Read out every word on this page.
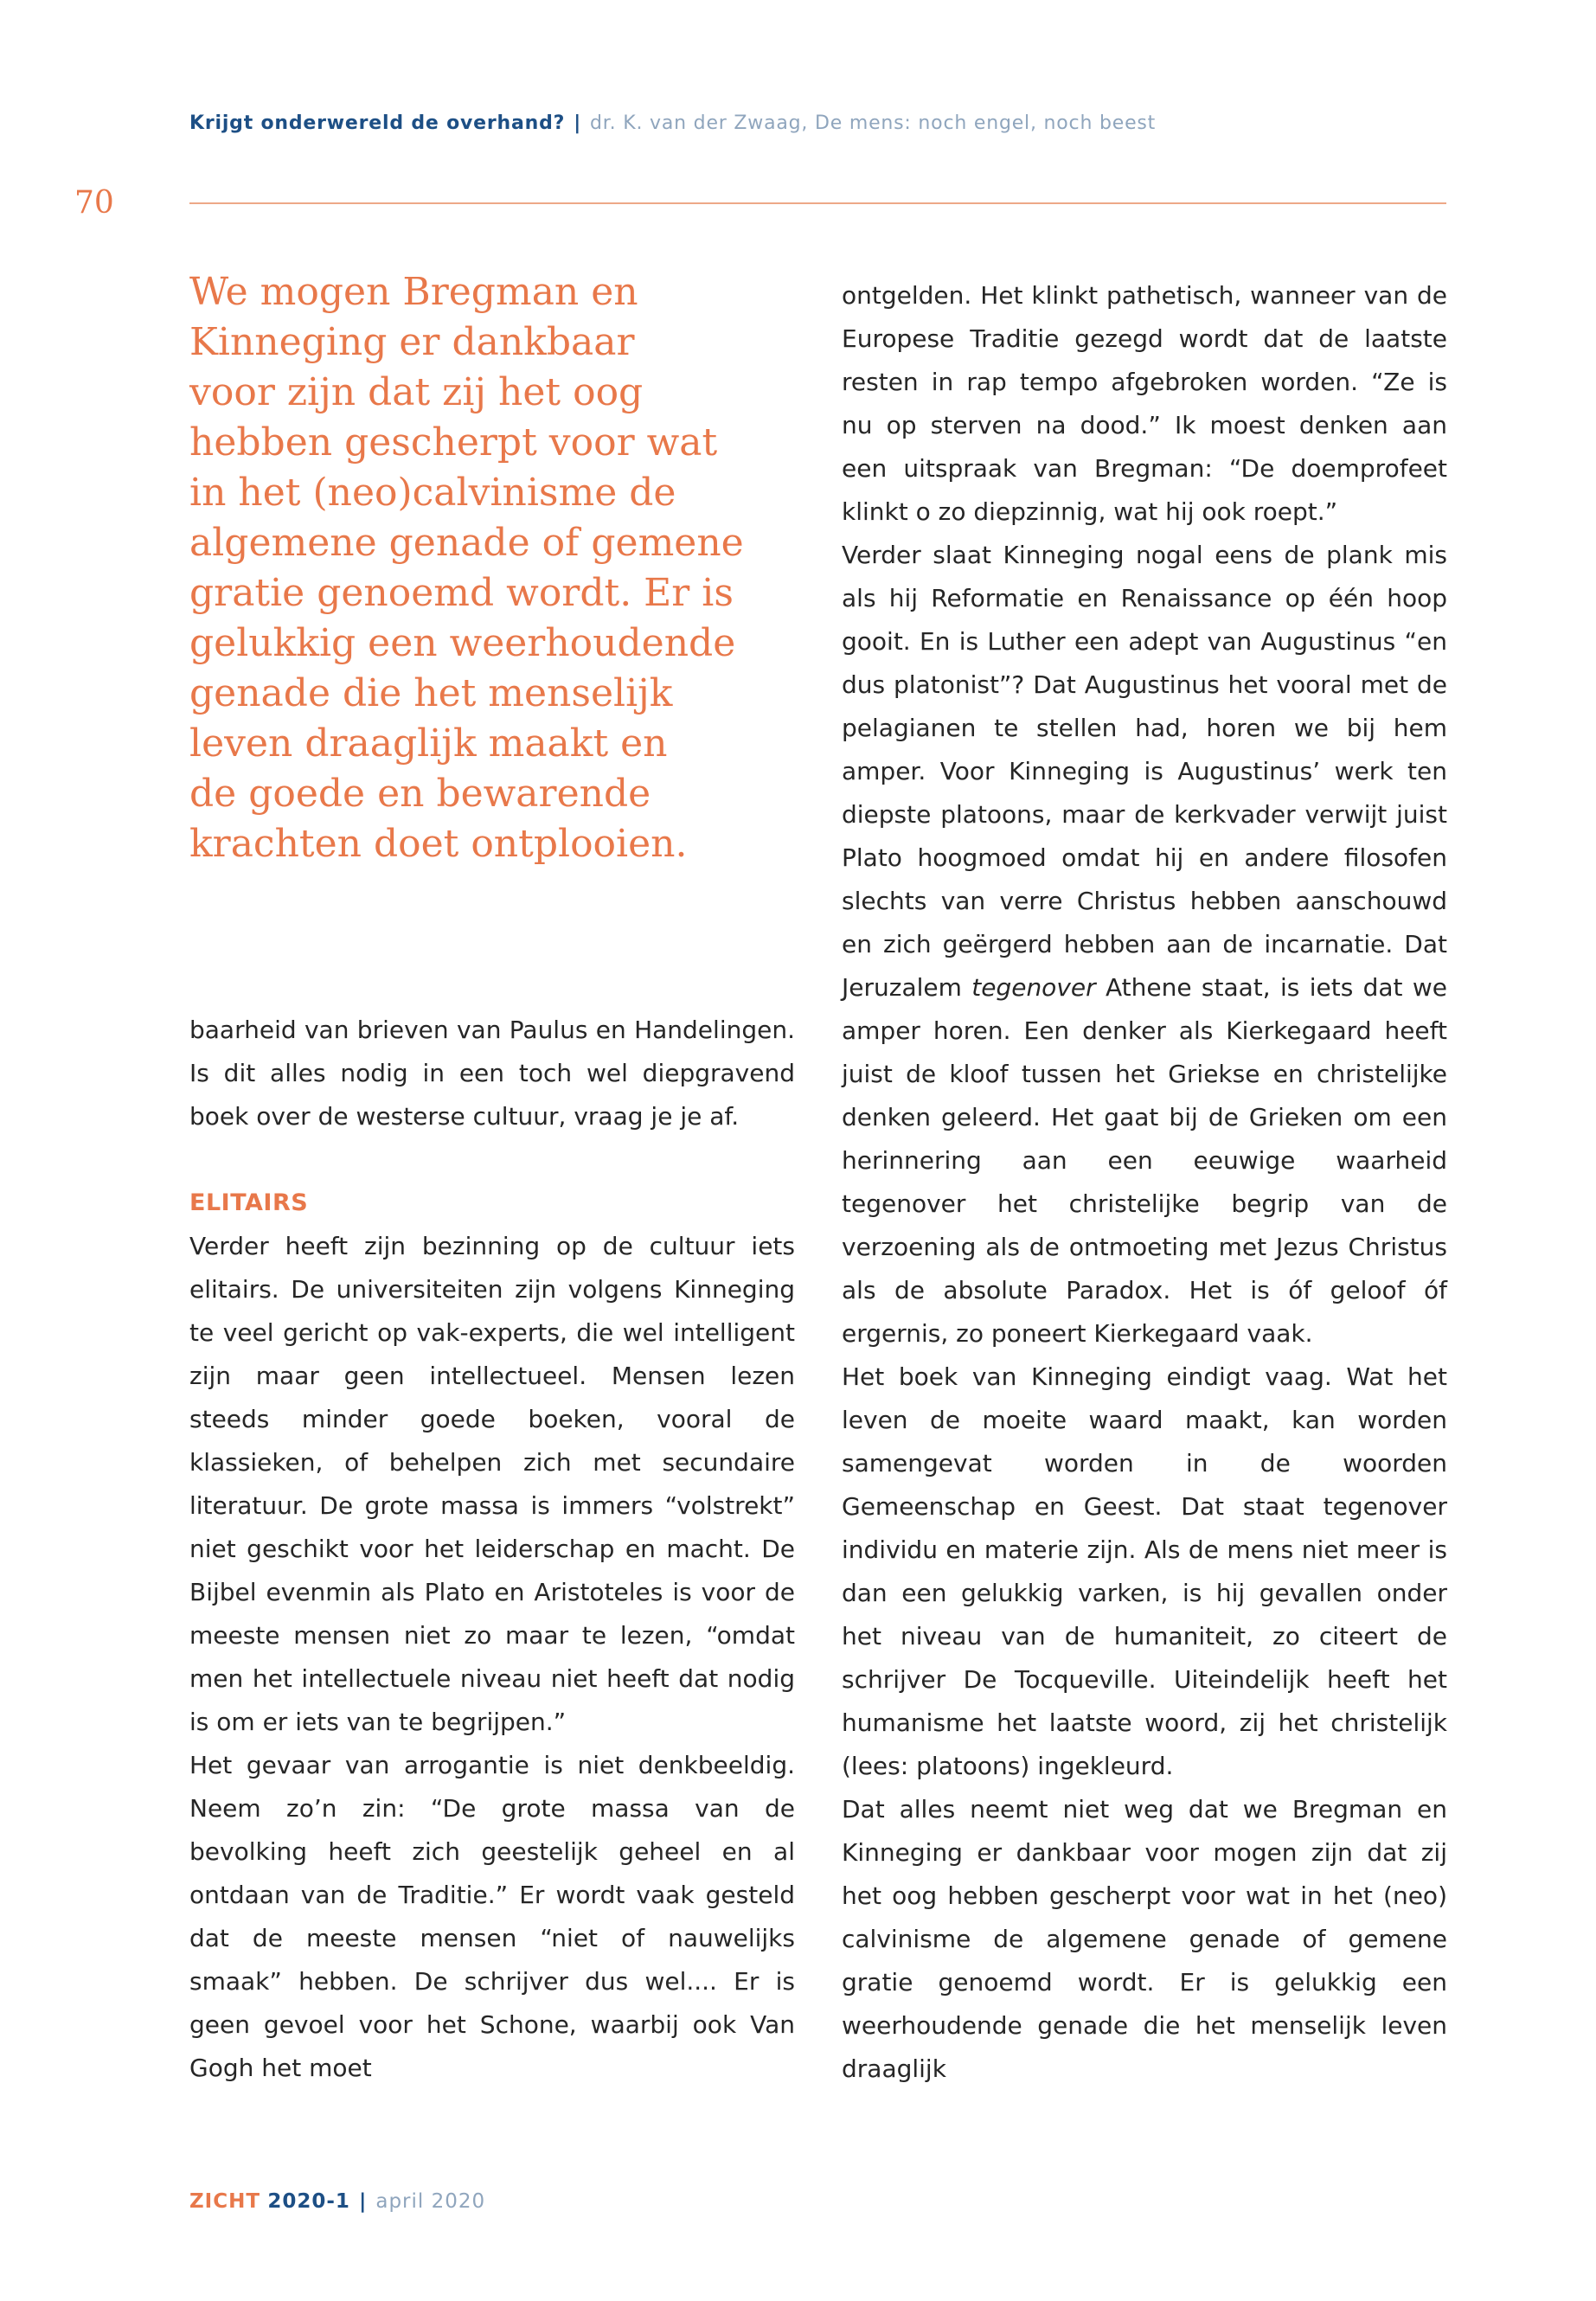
Krijgt onderwereld de overhand? | dr. K. van der Zwaag, De mens: noch engel, noch beest
70
We mogen Bregman en
Kinneging er dankbaar
voor zijn dat zij het oog
hebben gescherpt voor wat
in het (neo)calvinisme de
algemene genade of gemene
gratie genoemd wordt. Er is
gelukkig een weerhoudende
genade die het menselijk
leven draaglijk maakt en
de goede en bewarende
krachten doet ontplooien.

baarheid van brieven van Paulus en Handelingen. Is dit alles nodig in een toch wel diepgravend boek over de westerse cultuur, vraag je je af.

ELITAIRS

Verder heeft zijn bezinning op de cultuur iets elitairs. De universiteiten zijn volgens Kinneging te veel gericht op vak-experts, die wel intelligent zijn maar geen intellectueel. Mensen lezen steeds minder goede boeken, vooral de klassieken, of behelpen zich met secundaire literatuur. De grote massa is immers “volstrekt” niet geschikt voor het leiderschap en macht. De Bijbel evenmin als Plato en Aristoteles is voor de meeste mensen niet zo maar te lezen, “omdat men het intellectuele niveau niet heeft dat nodig is om er iets van te begrijpen.”

Het gevaar van arrogantie is niet denkbeeldig. Neem zo’n zin: “De grote massa van de bevolking heeft zich geestelijk geheel en al ontdaan van de Traditie.” Er wordt vaak gesteld dat de meeste mensen “niet of nauwelijks smaak” hebben. De schrijver dus wel.... Er is geen gevoel voor het Schone, waarbij ook Van Gogh het moet

ontgelden. Het klinkt pathetisch, wanneer van de Europese Traditie gezegd wordt dat de laatste resten in rap tempo afgebroken worden. “Ze is nu op sterven na dood.” Ik moest denken aan een uitspraak van Bregman: “De doemprofeet klinkt o zo diepzinnig, wat hij ook roept.”

Verder slaat Kinneging nogal eens de plank mis als hij Reformatie en Renaissance op één hoop gooit. En is Luther een adept van Augustinus “en dus platonist”? Dat Augustinus het vooral met de pelagianen te stellen had, horen we bij hem amper. Voor Kinneging is Augustinus’ werk ten diepste platoons, maar de kerkvader verwijt juist Plato hoogmoed omdat hij en andere filosofen slechts van verre Christus hebben aanschouwd en zich geërgerd hebben aan de incarnatie. Dat Jeruzalem tegenover Athene staat, is iets dat we amper horen. Een denker als Kierkegaard heeft juist de kloof tussen het Griekse en christelijke denken geleerd. Het gaat bij de Grieken om een herinnering aan een eeuwige waarheid tegenover het christelijke begrip van de verzoening als de ontmoeting met Jezus Christus als de absolute Paradox. Het is óf geloof óf ergernis, zo poneert Kierkegaard vaak.

Het boek van Kinneging eindigt vaag. Wat het leven de moeite waard maakt, kan worden samengevat worden in de woorden Gemeenschap en Geest. Dat staat tegenover individu en materie zijn. Als de mens niet meer is dan een gelukkig varken, is hij gevallen onder het niveau van de humaniteit, zo citeert de schrijver De Tocqueville. Uiteindelijk heeft het humanisme het laatste woord, zij het christelijk (lees: platoons) ingekleurd.

Dat alles neemt niet weg dat we Bregman en Kinneging er dankbaar voor mogen zijn dat zij het oog hebben gescherpt voor wat in het (neo) calvinisme de algemene genade of gemene gratie genoemd wordt. Er is gelukkig een weerhoudende genade die het menselijk leven draaglijk

ZICHT 2020-1 | april 2020
